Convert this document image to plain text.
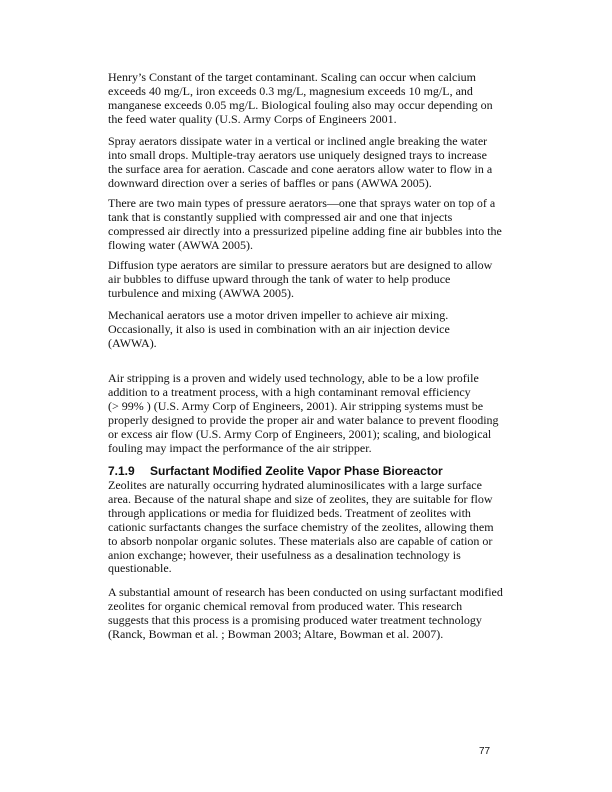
Henry’s Constant of the target contaminant. Scaling can occur when calcium
exceeds 40 mg/L, iron exceeds 0.3 mg/L, magnesium exceeds 10 mg/L, and
manganese exceeds 0.05 mg/L. Biological fouling also may occur depending on
the feed water quality (U.S. Army Corps of Engineers 2001.
Spray aerators dissipate water in a vertical or inclined angle breaking the water
into small drops. Multiple-tray aerators use uniquely designed trays to increase
the surface area for aeration. Cascade and cone aerators allow water to flow in a
downward direction over a series of baffles or pans (AWWA 2005).
There are two main types of pressure aerators—one that sprays water on top of a
tank that is constantly supplied with compressed air and one that injects
compressed air directly into a pressurized pipeline adding fine air bubbles into the
flowing water (AWWA 2005).
Diffusion type aerators are similar to pressure aerators but are designed to allow
air bubbles to diffuse upward through the tank of water to help produce
turbulence and mixing (AWWA 2005).
Mechanical aerators use a motor driven impeller to achieve air mixing.
Occasionally, it also is used in combination with an air injection device
(AWWA).
Air stripping is a proven and widely used technology, able to be a low profile
addition to a treatment process, with a high contaminant removal efficiency
(> 99% ) (U.S. Army Corp of Engineers, 2001). Air stripping systems must be
properly designed to provide the proper air and water balance to prevent flooding
or excess air flow (U.S. Army Corp of Engineers, 2001); scaling, and biological
fouling may impact the performance of the air stripper.
Zeolites are naturally occurring hydrated aluminosilicates with a large surface
area. Because of the natural shape and size of zeolites, they are suitable for flow
through applications or media for fluidized beds. Treatment of zeolites with
cationic surfactants changes the surface chemistry of the zeolites, allowing them
to absorb nonpolar organic solutes. These materials also are capable of cation or
anion exchange; however, their usefulness as a desalination technology is
questionable.
A substantial amount of research has been conducted on using surfactant modified
zeolites for organic chemical removal from produced water. This research
suggests that this process is a promising produced water treatment technology
(Ranck, Bowman et al. ; Bowman 2003; Altare, Bowman et al. 2007).
7.1.9 Surfactant Modified Zeolite Vapor Phase Bioreactor
77
